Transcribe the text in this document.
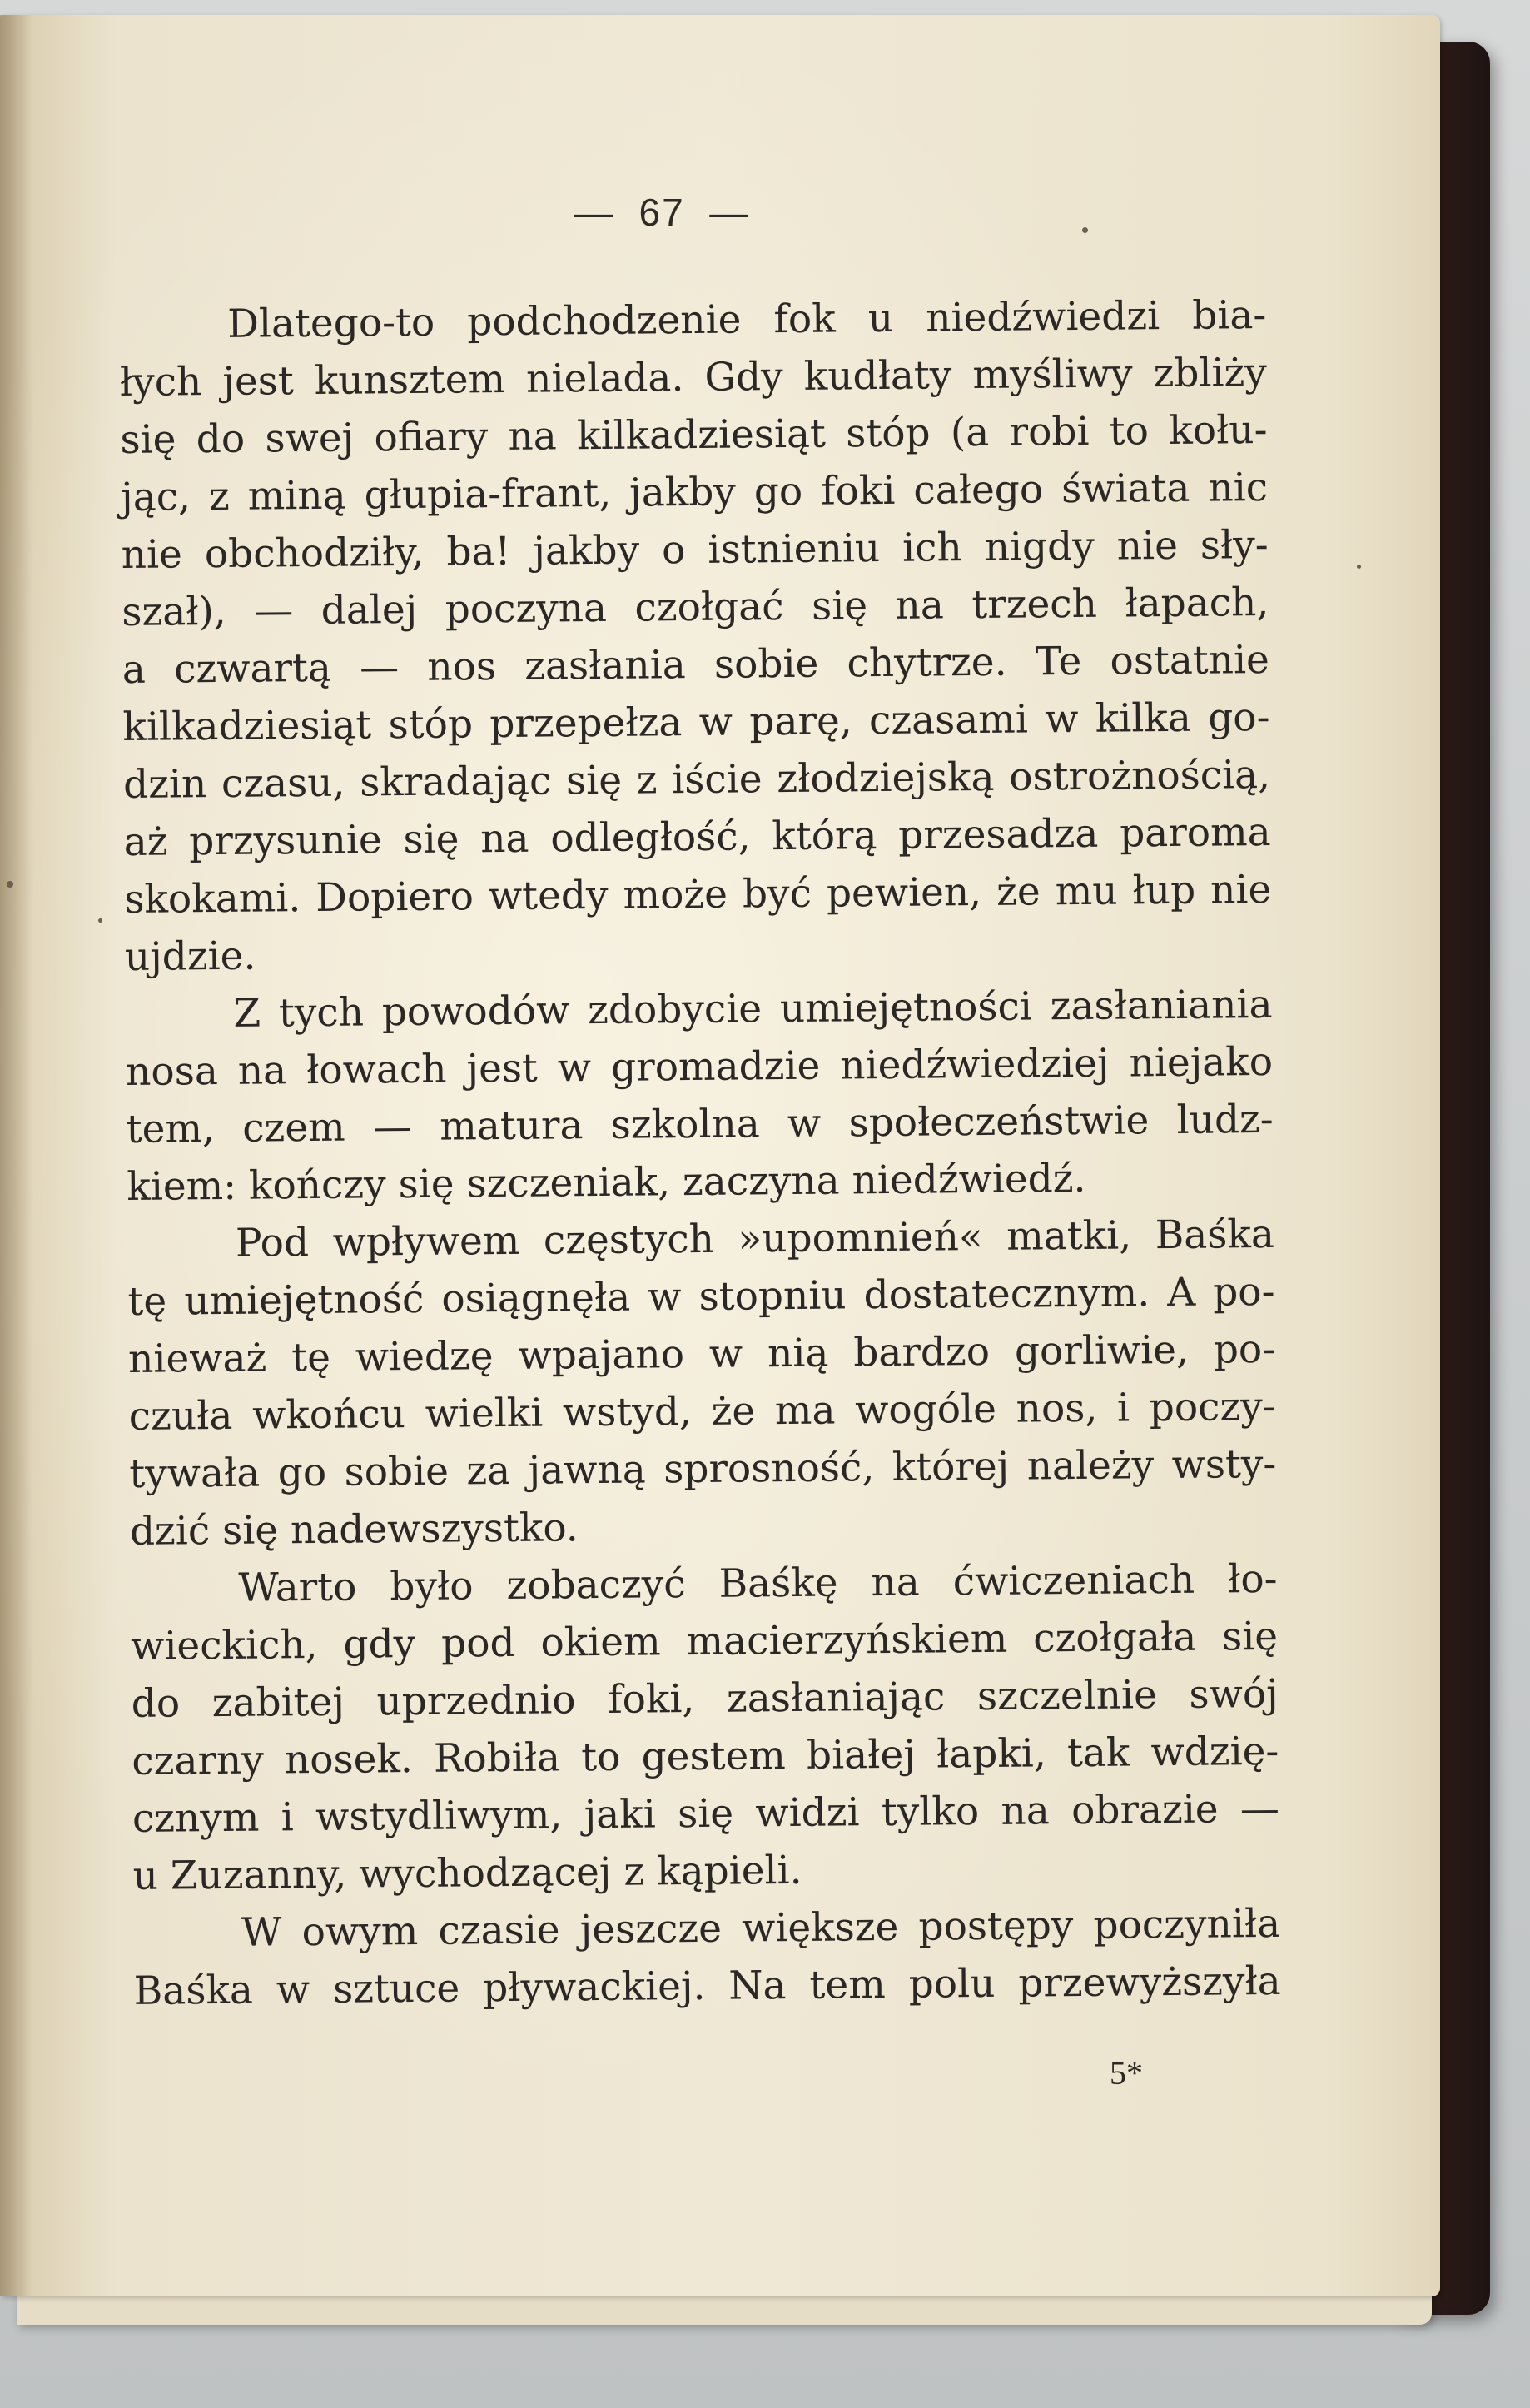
—  67  —
Dlatego-to podchodzenie fok u niedźwiedzi bia-
łych jest kunsztem nielada. Gdy kudłaty myśliwy zbliży
się do swej ofiary na kilkadziesiąt stóp (a robi to kołu-
jąc, z miną głupia-frant, jakby go foki całego świata nic
nie obchodziły, ba! jakby o istnieniu ich nigdy nie sły-
szał), — dalej poczyna czołgać się na trzech łapach,
a czwartą — nos zasłania sobie chytrze. Te ostatnie
kilkadziesiąt stóp przepełza w parę, czasami w kilka go-
dzin czasu, skradając się z iście złodziejską ostrożnością,
aż przysunie się na odległość, którą przesadza paroma
skokami. Dopiero wtedy może być pewien, że mu łup nie
ujdzie.
Z tych powodów zdobycie umiejętności zasłaniania
nosa na łowach jest w gromadzie niedźwiedziej niejako
tem, czem — matura szkolna w społeczeństwie ludz-
kiem: kończy się szczeniak, zaczyna niedźwiedź.
Pod wpływem częstych »upomnień« matki, Baśka
tę umiejętność osiągnęła w stopniu dostatecznym. A po-
nieważ tę wiedzę wpajano w nią bardzo gorliwie, po-
czuła wkońcu wielki wstyd, że ma wogóle nos, i poczy-
tywała go sobie za jawną sprosność, której należy wsty-
dzić się nadewszystko.
Warto było zobaczyć Baśkę na ćwiczeniach ło-
wieckich, gdy pod okiem macierzyńskiem czołgała się
do zabitej uprzednio foki, zasłaniając szczelnie swój
czarny nosek. Robiła to gestem białej łapki, tak wdzię-
cznym i wstydliwym, jaki się widzi tylko na obrazie —
u Zuzanny, wychodzącej z kąpieli.
W owym czasie jeszcze większe postępy poczyniła
Baśka w sztuce pływackiej. Na tem polu przewyższyła
5*
